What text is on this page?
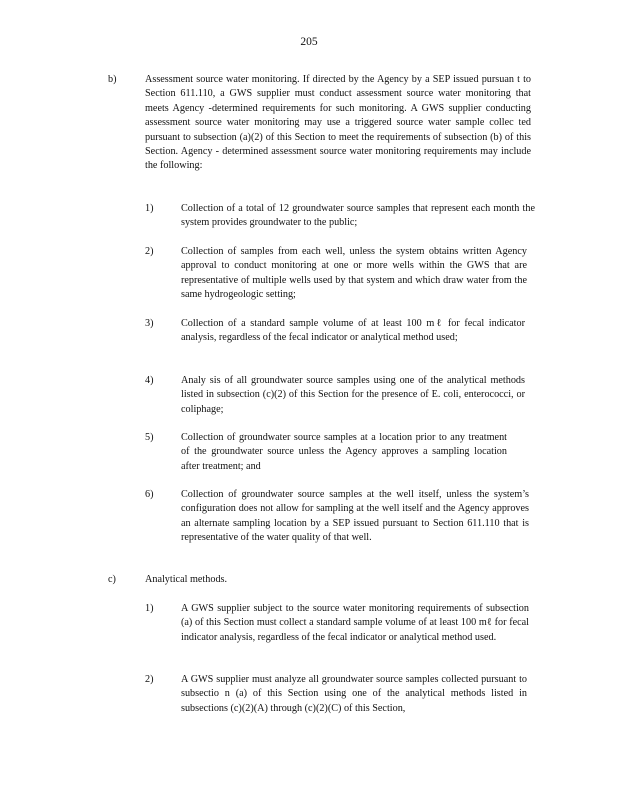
205
b)	Assessment source water monitoring. If directed by the Agency by a SEP issued pursuan t to Section 611.110, a GWS supplier must conduct assessment source water monitoring that meets Agency -determined requirements for such monitoring. A GWS supplier conducting assessment source water monitoring may use a triggered source water sample collec ted pursuant to subsection (a)(2) of this Section to meet the requirements of subsection (b) of this Section. Agency - determined assessment source water monitoring requirements may include the following:

1)	Collection of a total of 12 groundwater source samples that represent each month the system provides groundwater to the public;

2)	Collection of samples from each well, unless the system obtains written Agency approval to conduct monitoring at one or more wells within the GWS that are representative of multiple wells used by that system and which draw water from the same hydrogeologic setting;

3)	Collection of a standard sample volume of at least 100 mℓ for fecal indicator analysis, regardless of the fecal indicator or analytical method used;

4)	Analy sis of all groundwater source samples using one of the analytical methods listed in subsection (c)(2) of this Section for the presence of E. coli, enterococci, or coliphage;

5)	Collection of groundwater source samples at a location prior to any treatment of the groundwater source unless the Agency approves a sampling location after treatment; and

6)	Collection of groundwater source samples at the well itself, unless the system’s configuration does not allow for sampling at the well itself and the Agency approves an alternate sampling location by a SEP issued pursuant to Section 611.110 that is representative of the water quality of that well.

c)	Analytical methods.

1)	A GWS supplier subject to the source water monitoring requirements of subsection (a) of this Section must collect a standard sample volume of at least 100 mℓ for fecal indicator analysis, regardless of the fecal indicator or analytical method used.

2)	A GWS supplier must analyze all groundwater source samples collected pursuant to subsectio n (a) of this Section using one of the analytical methods listed in subsections (c)(2)(A) through (c)(2)(C) of this Section,
